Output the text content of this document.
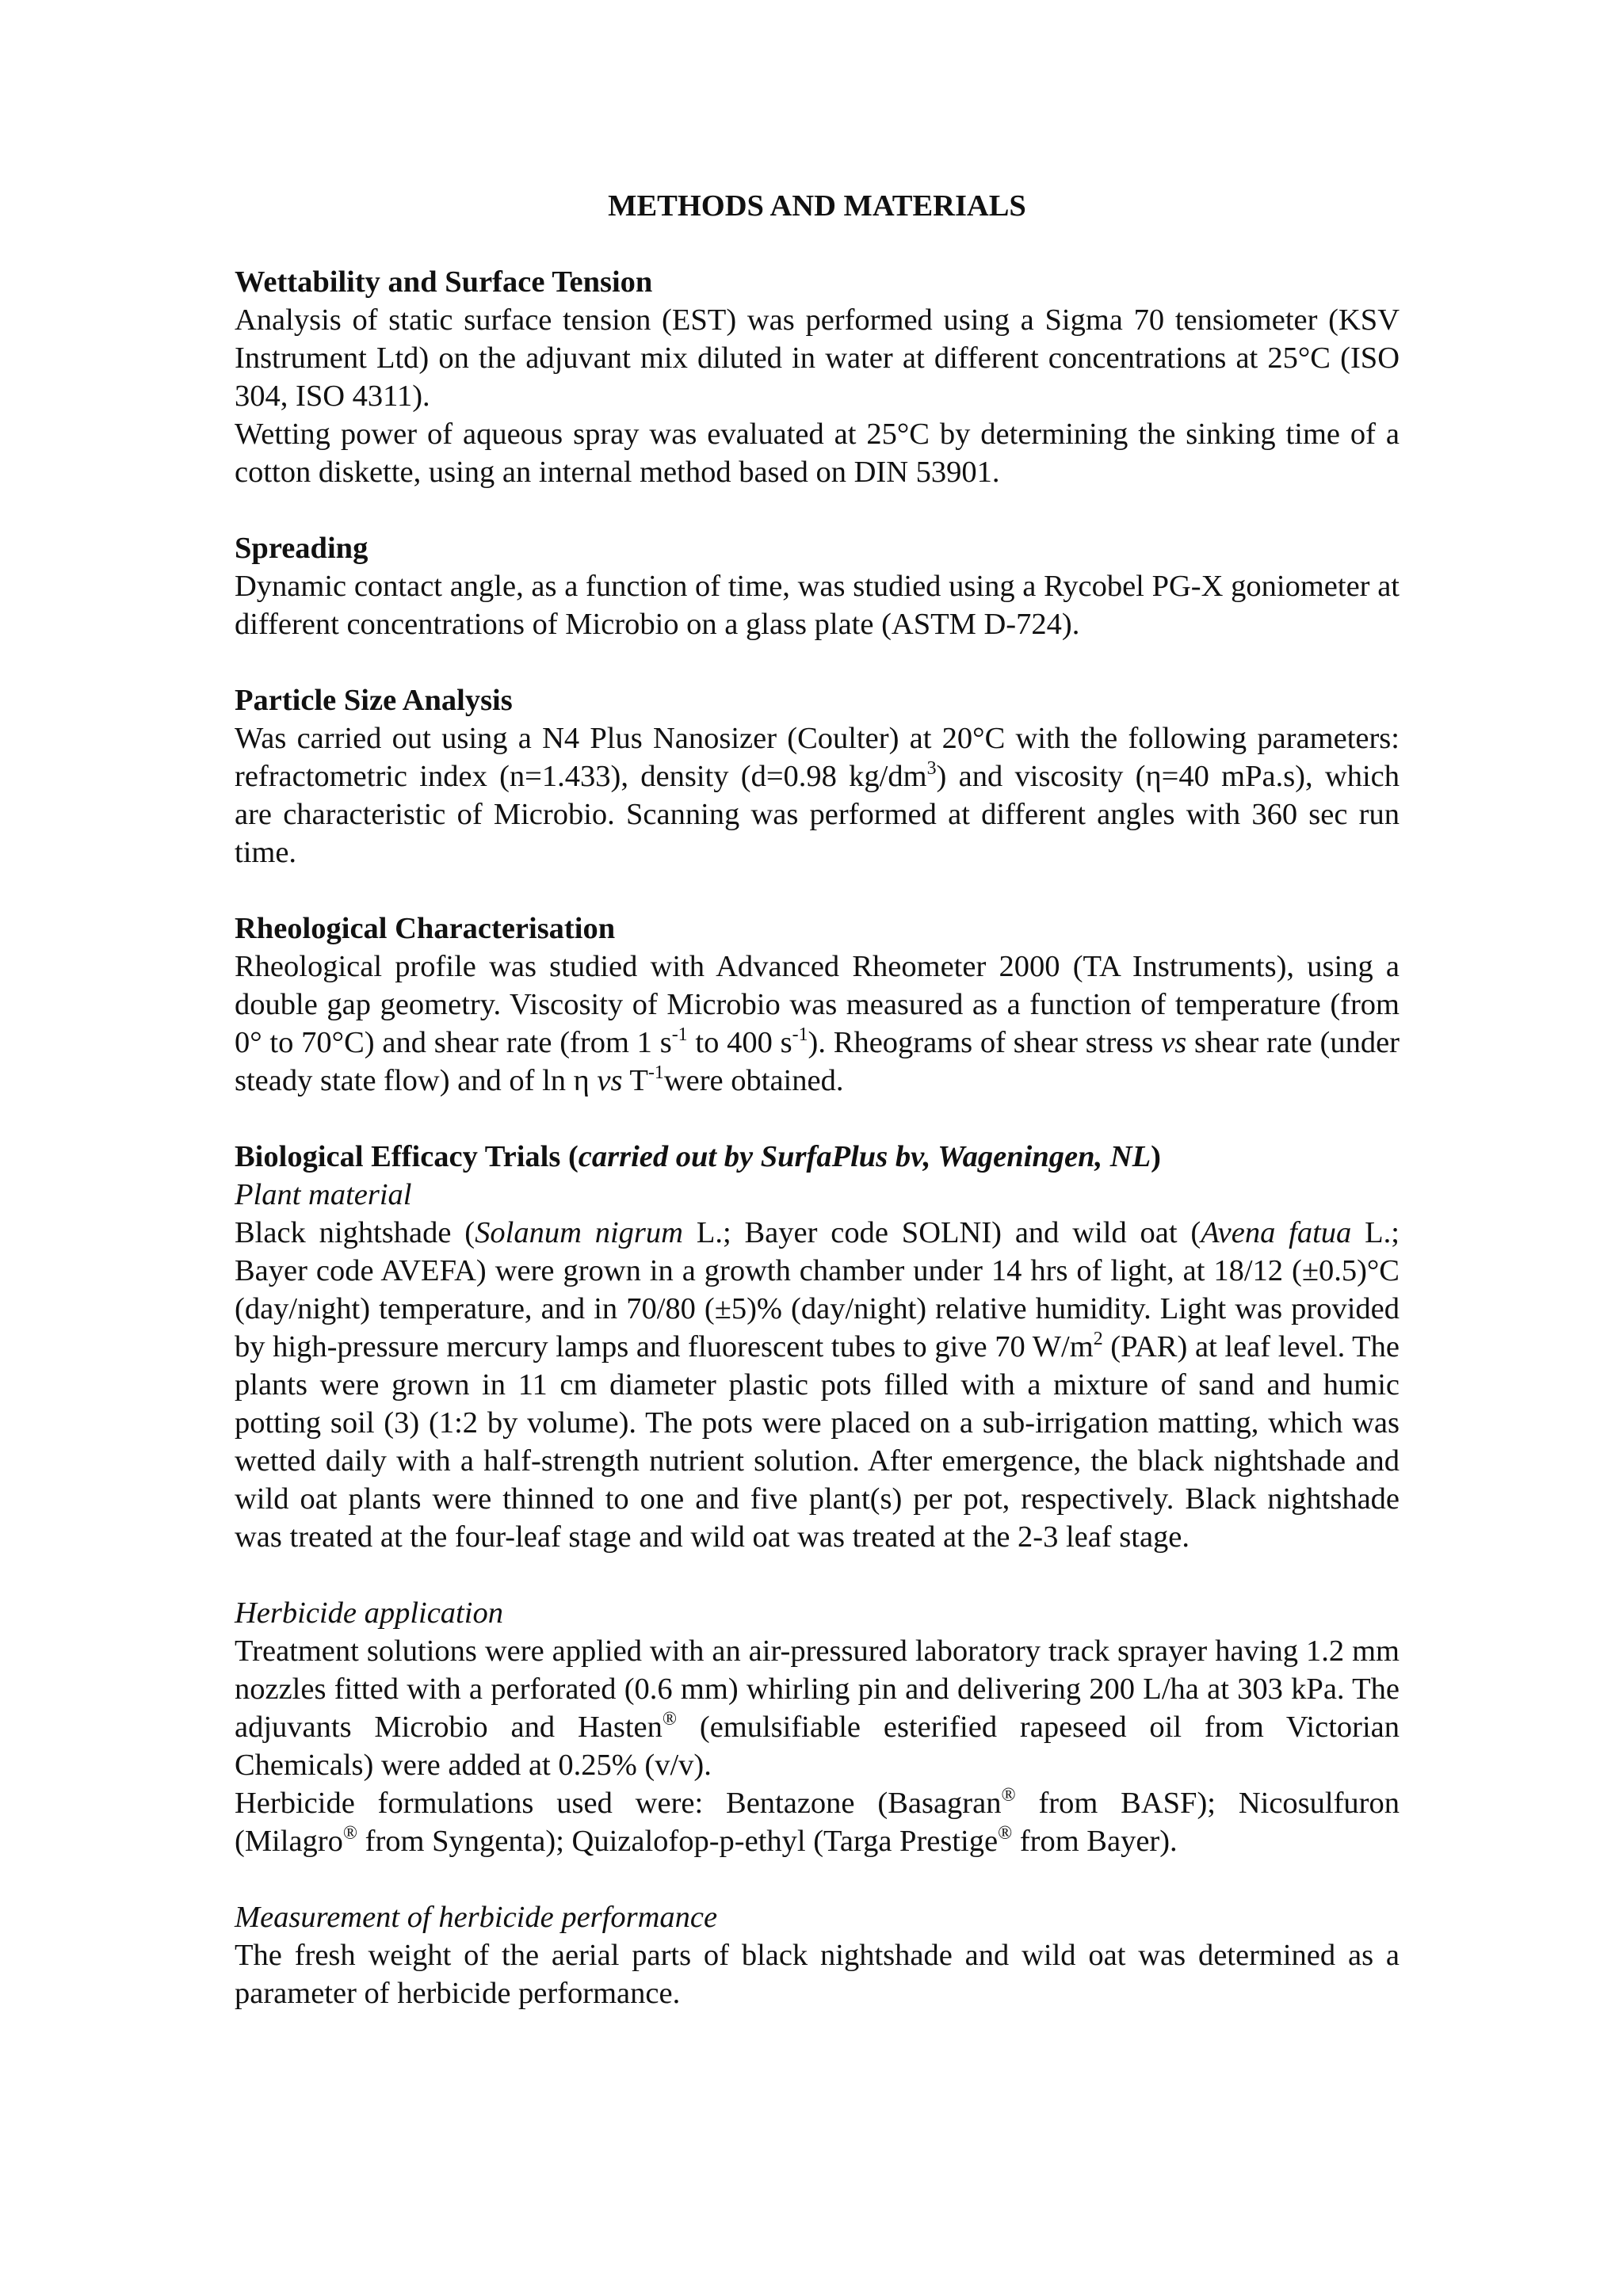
METHODS AND MATERIALS
Wettability and Surface Tension

Analysis of static surface tension (EST) was performed using a Sigma 70 tensiometer (KSV Instrument Ltd) on the adjuvant mix diluted in water at different concentrations at 25°C (ISO 304, ISO 4311).

Wetting power of aqueous spray was evaluated at 25°C by determining the sinking time of a cotton diskette, using an internal method based on DIN 53901.

Spreading

Dynamic contact angle, as a function of time, was studied using a Rycobel PG-X goniometer at different concentrations of Microbio on a glass plate (ASTM D-724).

Particle Size Analysis

Was carried out using a N4 Plus Nanosizer (Coulter) at 20°C with the following parameters: refractometric index (n=1.433), density (d=0.98 $kg/dm^3$) and viscosity (η=40 mPa.s), which are characteristic of Microbio. Scanning was performed at different angles with 360 sec run time.

Rheological Characterisation

Rheological profile was studied with Advanced Rheometer 2000 (TA Instruments), using a double gap geometry. Viscosity of Microbio was measured as a function of temperature (from 0° to 70°C) and shear rate (from 1 $s^{-1}$ to 400 $s^{-1}$). Rheograms of shear stress vs shear rate (under steady state flow) and of ln η vs $T^{-1}were$ obtained.

Biological Efficacy Trials (carried out by SurfaPlus bv, Wageningen, NL)
Plant material

Black nightshade (Solanum nigrum L.; Bayer code SOLNI) and wild oat (Avena fatua L.; Bayer code AVEFA) were grown in a growth chamber under 14 hrs of light, at 18/12 (±0.5)°C (day/night) temperature, and in 70/80 (±5)% (day/night) relative humidity. Light was provided by high-pressure mercury lamps and fluorescent tubes to give 70 $W/m^2$ (PAR) at leaf level. The plants were grown in 11 cm diameter plastic pots filled with a mixture of sand and humic potting soil (3) (1:2 by volume). The pots were placed on a sub-irrigation matting, which was wetted daily with a half-strength nutrient solution. After emergence, the black nightshade and wild oat plants were thinned to one and five plant(s) per pot, respectively. Black nightshade was treated at the four-leaf stage and wild oat was treated at the 2-3 leaf stage.

Herbicide application

Treatment solutions were applied with an air-pressured laboratory track sprayer having 1.2 mm nozzles fitted with a perforated (0.6 mm) whirling pin and delivering 200 L/ha at 303 kPa. The adjuvants Microbio and Hasten® (emulsifiable esterified rapeseed oil from Victorian Chemicals) were added at 0.25% (v/v).

Herbicide formulations used were: Bentazone (Basagran® from BASF); Nicosulfuron (Milagro® from Syngenta); Quizalofop-p-ethyl (Targa Prestige® from Bayer).

Measurement of herbicide performance

The fresh weight of the aerial parts of black nightshade and wild oat was determined as a parameter of herbicide performance.
